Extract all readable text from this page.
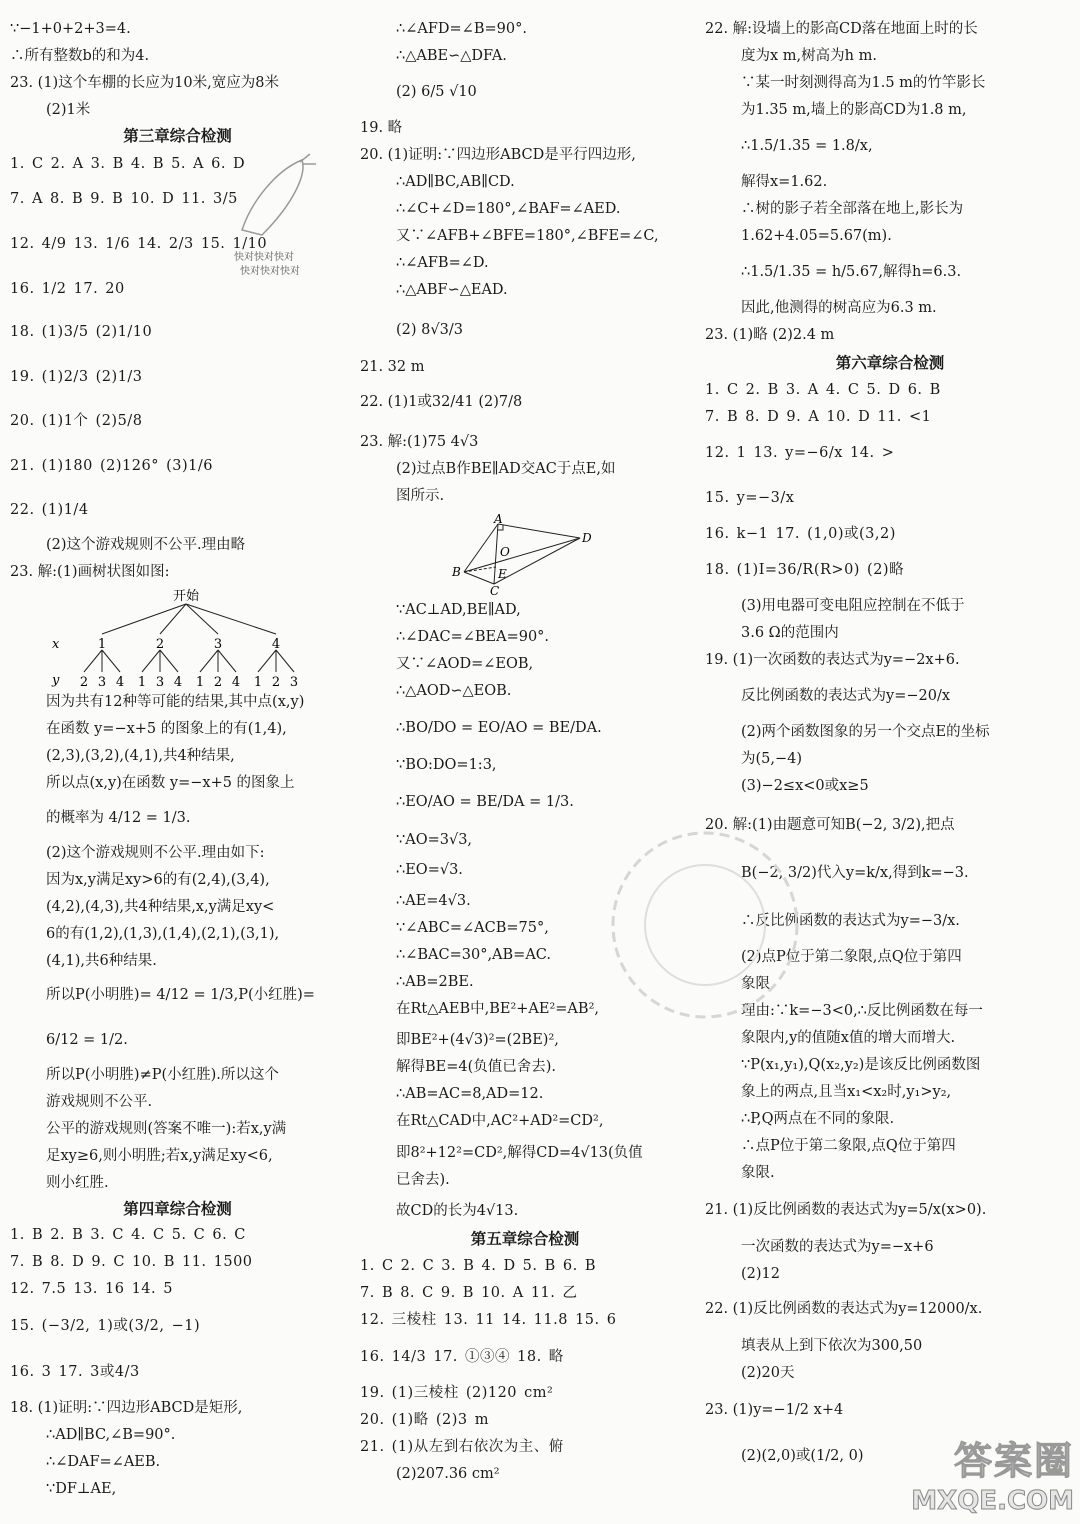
∵−1+0+2+3=4.
∴所有整数b的和为4.
23. (1)这个车棚的长应为10米,宽应为8米
(2)1米
第三章综合检测
1. C 2. A 3. B 4. B 5. A 6. D
7. A 8. B 9. B 10. D 11. 3/5
12. 4/9 13. 1/6 14. 2/3 15. 1/10
16. 1/2 17. 20
18. (1)3/5 (2)1/10
19. (1)2/3 (2)1/3
20. (1)1个 (2)5/8
21. (1)180 (2)126° (3)1/6
22. (1)1/4
(2)这个游戏规则不公平.理由略
23. 解:(1)画树状图如图:
开始
x
y
1	2	3	4
2 3 4 1 3 4 1 2 4 1 2 3
因为共有12种等可能的结果,其中点(x,y)
在函数 y=−x+5 的图象上的有(1,4),
(2,3),(3,2),(4,1),共4种结果,
所以点(x,y)在函数 y=−x+5 的图象上
的概率为 4/12 = 1/3.
(2)这个游戏规则不公平.理由如下:
因为x,y满足xy>6的有(2,4),(3,4),
(4,2),(4,3),共4种结果,x,y满足xy<
6的有(1,2),(1,3),(1,4),(2,1),(3,1),
(4,1),共6种结果.
所以P(小明胜)= 4/12 = 1/3,P(小红胜)=
6/12 = 1/2.
所以P(小明胜)≠P(小红胜).所以这个
游戏规则不公平.
公平的游戏规则(答案不唯一):若x,y满
足xy≥6,则小明胜;若x,y满足xy<6,
则小红胜.
第四章综合检测
1. B 2. B 3. C 4. C 5. C 6. C
7. B 8. D 9. C 10. B 11. 1500
12. 7.5 13. 16 14. 5
15. (−3/2, 1)或(3/2, −1)
16. 3 17. 3或4/3
18. (1)证明:∵四边形ABCD是矩形,
∴AD∥BC,∠B=90°.
∴∠DAF=∠AEB.
∵DF⊥AE,
快对快对快对
快对快对快对
∴∠AFD=∠B=90°.
∴△ABE∽△DFA.
(2) 6/5 √10
19. 略
20. (1)证明:∵四边形ABCD是平行四边形,
∴AD∥BC,AB∥CD.
∴∠C+∠D=180°,∠BAF=∠AED.
又∵∠AFB+∠BFE=180°,∠BFE=∠C,
∴∠AFB=∠D.
∴△ABF∽△EAD.
(2) 8√3/3
21. 32 m
22. (1)1或32/41 (2)7/8
23. 解:(1)75 4√3
(2)过点B作BE∥AD交AC于点E,如
图所示.
A
B
C
D
E
O
∵AC⊥AD,BE∥AD,
∴∠DAC=∠BEA=90°.
又∵∠AOD=∠EOB,
∴△AOD∽△EOB.
∴BO/DO = EO/AO = BE/DA.
∵BO:DO=1:3,
∴EO/AO = BE/DA = 1/3.
∵AO=3√3,
∴EO=√3.
∴AE=4√3.
∵∠ABC=∠ACB=75°,
∴∠BAC=30°,AB=AC.
∴AB=2BE.
在Rt△AEB中,BE²+AE²=AB²,
即BE²+(4√3)²=(2BE)²,
解得BE=4(负值已舍去).
∴AB=AC=8,AD=12.
在Rt△CAD中,AC²+AD²=CD²,
即8²+12²=CD²,解得CD=4√13(负值
已舍去).
故CD的长为4√13.
第五章综合检测
1. C 2. C 3. B 4. D 5. B 6. B
7. B 8. C 9. B 10. A 11. 乙
12. 三棱柱 13. 11 14. 11.8 15. 6
16. 14/3 17. ①③④ 18. 略
19. (1)三棱柱 (2)120 cm²
20. (1)略 (2)3 m
21. (1)从左到右依次为主、俯
(2)207.36 cm²
22. 解:设墙上的影高CD落在地面上时的长
度为x m,树高为h m.
∵某一时刻测得高为1.5 m的竹竿影长
为1.35 m,墙上的影高CD为1.8 m,
∴1.5/1.35 = 1.8/x,
解得x=1.62.
∴树的影子若全部落在地上,影长为
1.62+4.05=5.67(m).
∴1.5/1.35 = h/5.67,解得h=6.3.
因此,他测得的树高应为6.3 m.
23. (1)略 (2)2.4 m
第六章综合检测
1. C 2. B 3. A 4. C 5. D 6. B
7. B 8. D 9. A 10. D 11. <1
12. 1 13. y=−6/x 14. >
15. y=−3/x
16. k−1 17. (1,0)或(3,2)
18. (1)I=36/R(R>0) (2)略
(3)用电器可变电阻应控制在不低于
3.6 Ω的范围内
19. (1)一次函数的表达式为y=−2x+6.
反比例函数的表达式为y=−20/x
(2)两个函数图象的另一个交点E的坐标
为(5,−4)
(3)−2≤x<0或x≥5
20. 解:(1)由题意可知B(−2, 3/2),把点
B(−2, 3/2)代入y=k/x,得到k=−3.
∴反比例函数的表达式为y=−3/x.
(2)点P位于第二象限,点Q位于第四
象限.
理由:∵k=−3<0,∴反比例函数在每一
象限内,y的值随x值的增大而增大.
∵P(x₁,y₁),Q(x₂,y₂)是该反比例函数图
象上的两点,且当x₁<x₂时,y₁>y₂,
∴P,Q两点在不同的象限.
∴点P位于第二象限,点Q位于第四
象限.
21. (1)反比例函数的表达式为y=5/x(x>0).
一次函数的表达式为y=−x+6
(2)12
22. (1)反比例函数的表达式为y=12000/x.
填表从上到下依次为300,50
(2)20天
23. (1)y=−1/2 x+4
(2)(2,0)或(1/2, 0) 答案圈
MXQE.COM
